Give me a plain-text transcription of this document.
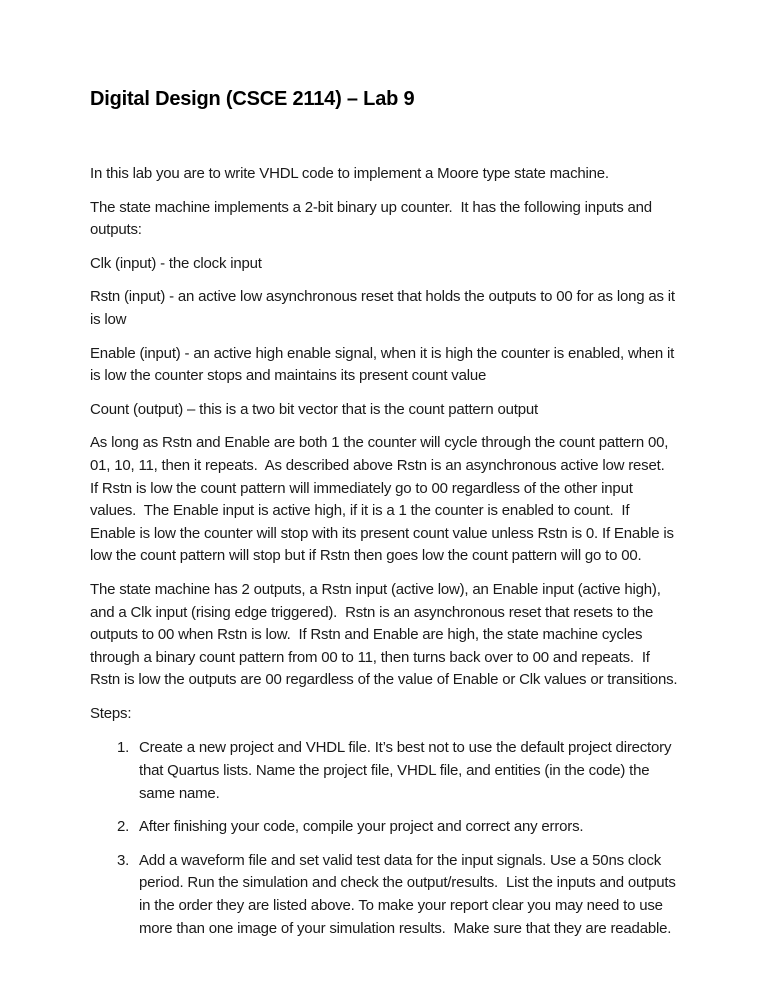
Digital Design (CSCE 2114) – Lab 9

In this lab you are to write VHDL code to implement a Moore type state machine.

The state machine implements a 2-bit binary up counter.  It has the following inputs and outputs:

Clk (input) - the clock input

Rstn (input) - an active low asynchronous reset that holds the outputs to 00 for as long as it is low

Enable (input) - an active high enable signal, when it is high the counter is enabled, when it is low the counter stops and maintains its present count value

Count (output) – this is a two bit vector that is the count pattern output

As long as Rstn and Enable are both 1 the counter will cycle through the count pattern 00, 01, 10, 11, then it repeats.  As described above Rstn is an asynchronous active low reset.  If Rstn is low the count pattern will immediately go to 00 regardless of the other input values.  The Enable input is active high, if it is a 1 the counter is enabled to count.  If Enable is low the counter will stop with its present count value unless Rstn is 0. If Enable is low the count pattern will stop but if Rstn then goes low the count pattern will go to 00.

The state machine has 2 outputs, a Rstn input (active low), an Enable input (active high), and a Clk input (rising edge triggered).  Rstn is an asynchronous reset that resets to the outputs to 00 when Rstn is low.  If Rstn and Enable are high, the state machine cycles through a binary count pattern from 00 to 11, then turns back over to 00 and repeats.  If Rstn is low the outputs are 00 regardless of the value of Enable or Clk values or transitions.

Steps:

1. Create a new project and VHDL file. It’s best not to use the default project directory that Quartus lists. Name the project file, VHDL file, and entities (in the code) the same name.
2. After finishing your code, compile your project and correct any errors.
3. Add a waveform file and set valid test data for the input signals. Use a 50ns clock period. Run the simulation and check the output/results.  List the inputs and outputs in the order they are listed above. To make your report clear you may need to use more than one image of your simulation results.  Make sure that they are readable.
